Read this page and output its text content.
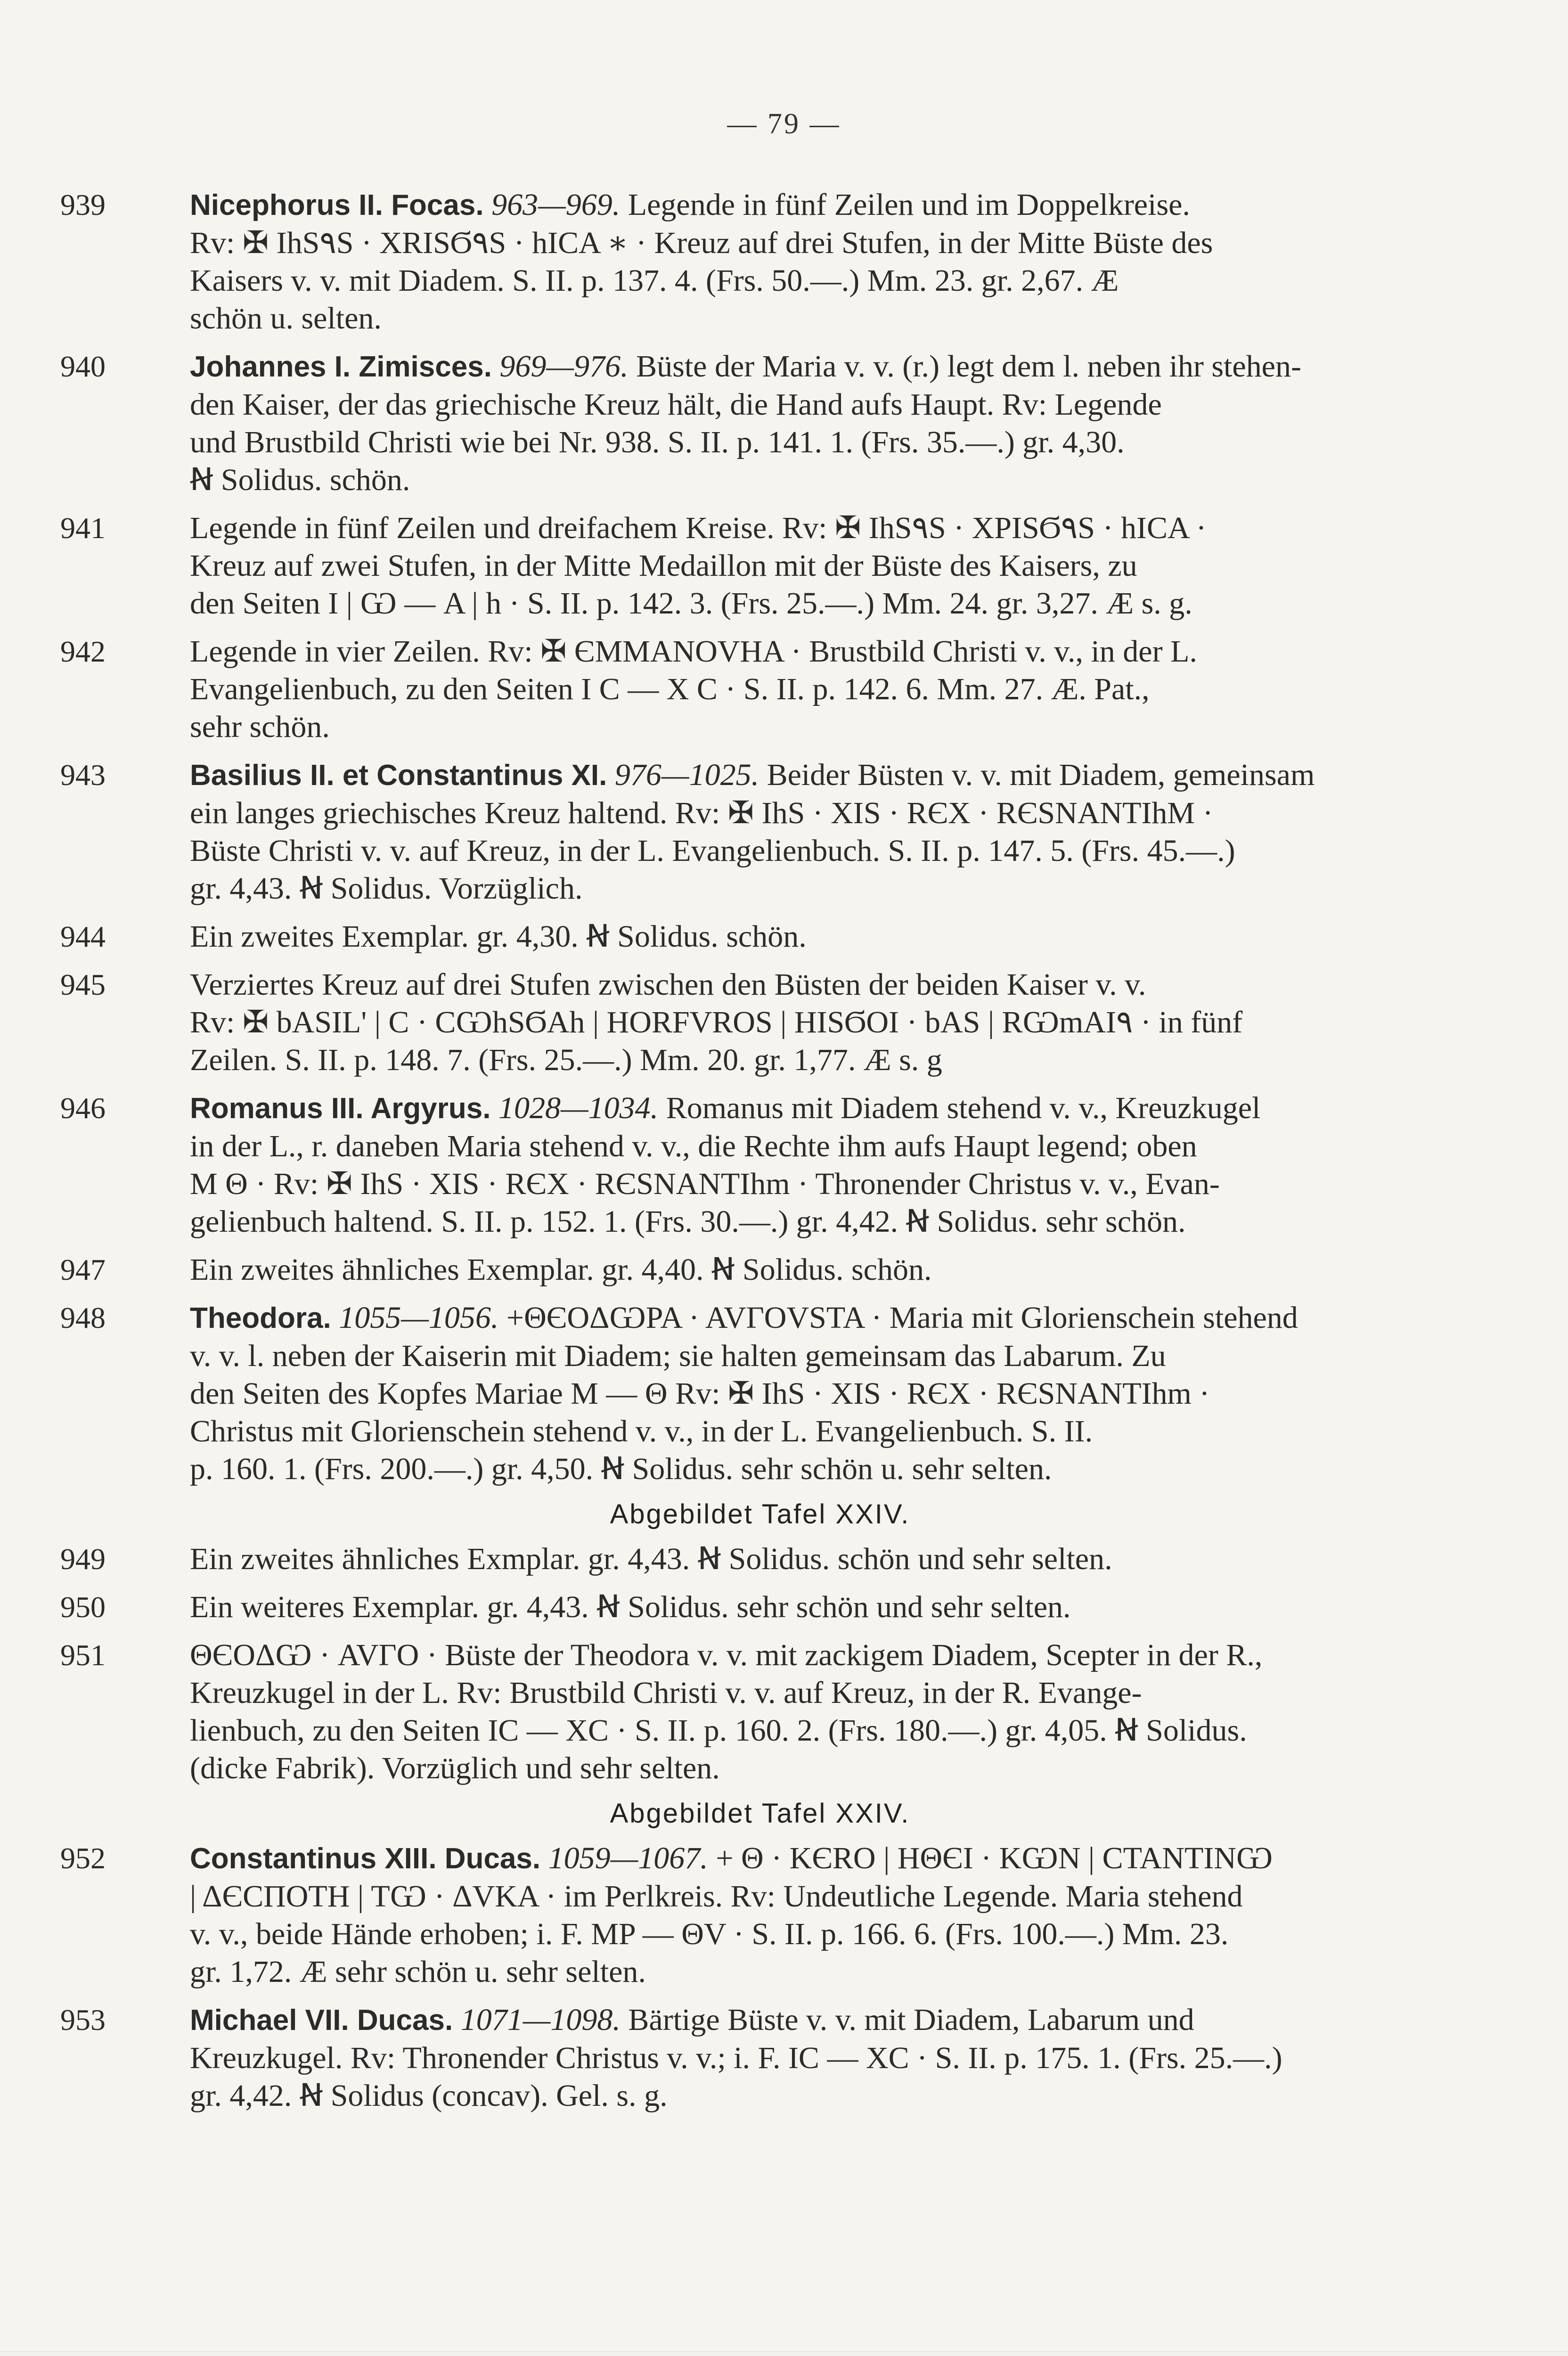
— 79 —
939	Nicephorus II. Focas. 963—969. Legende in fünf Zeilen und im Doppelkreise.
Rv: ✠ IhS٩S · XRISϬ٩S · hICA ∗ · Kreuz auf drei Stufen, in der Mitte Büste des
Kaisers v. v. mit Diadem. S. II. p. 137. 4. (Frs. 50.—.) Mm. 23. gr. 2,67. Æ
schön u. selten.
940	Johannes I. Zimisces. 969—976. Büste der Maria v. v. (r.) legt dem l. neben ihr stehen-
den Kaiser, der das griechische Kreuz hält, die Hand aufs Haupt. Rv: Legende
und Brustbild Christi wie bei Nr. 938. S. II. p. 141. 1. (Frs. 35.—.) gr. 4,30.
Ꞥ Solidus. schön.
941	Legende in fünf Zeilen und dreifachem Kreise. Rv: ✠ IhS٩S · XPISϬ٩S · hICA ·
Kreuz auf zwei Stufen, in der Mitte Medaillon mit der Büste des Kaisers, zu
den Seiten I | Ѡ — A | h · S. II. p. 142. 3. (Frs. 25.—.) Mm. 24. gr. 3,27. Æ s. g.
942	Legende in vier Zeilen. Rv: ✠ ЄMMANOVHA · Brustbild Christi v. v., in der L.
Evangelienbuch, zu den Seiten I C — X C · S. II. p. 142. 6. Mm. 27. Æ. Pat.,
sehr schön.
943	Basilius II. et Constantinus XI. 976—1025. Beider Büsten v. v. mit Diadem, gemeinsam
ein langes griechisches Kreuz haltend. Rv: ✠ IhS · XIS · RЄX · RЄSNANTIhM ·
Büste Christi v. v. auf Kreuz, in der L. Evangelienbuch. S. II. p. 147. 5. (Frs. 45.—.)
gr. 4,43. Ꞥ Solidus. Vorzüglich.
944	Ein zweites Exemplar. gr. 4,30. Ꞥ Solidus. schön.
945	Verziertes Kreuz auf drei Stufen zwischen den Büsten der beiden Kaiser v. v.
Rv: ✠ bASIL' | C · CѠhSϬAh | HORFVROS | HISϬOI · bAS | RѠmAI٩ · in fünf
Zeilen. S. II. p. 148. 7. (Frs. 25.—.) Mm. 20. gr. 1,77. Æ s. g
946	Romanus III. Argyrus. 1028—1034. Romanus mit Diadem stehend v. v., Kreuzkugel
in der L., r. daneben Maria stehend v. v., die Rechte ihm aufs Haupt legend; oben
M Θ · Rv: ✠ IhS · XIS · RЄX · RЄSNANTIhm · Thronender Christus v. v., Evan-
gelienbuch haltend. S. II. p. 152. 1. (Frs. 30.—.) gr. 4,42. Ꞥ Solidus. sehr schön.
947	Ein zweites ähnliches Exemplar. gr. 4,40. Ꞥ Solidus. schön.
948	Theodora. 1055—1056. +ΘЄOΔѠPA · AVΓOVSTA · Maria mit Glorienschein stehend
v. v. l. neben der Kaiserin mit Diadem; sie halten gemeinsam das Labarum. Zu
den Seiten des Kopfes Mariae M — Θ Rv: ✠ IhS · XIS · RЄX · RЄSNANTIhm ·
Christus mit Glorienschein stehend v. v., in der L. Evangelienbuch. S. II.
p. 160. 1. (Frs. 200.—.) gr. 4,50. Ꞥ Solidus. sehr schön u. sehr selten.
Abgebildet Tafel XXIV.
949	Ein zweites ähnliches Exmplar. gr. 4,43. Ꞥ Solidus. schön und sehr selten.
950	Ein weiteres Exemplar. gr. 4,43. Ꞥ Solidus. sehr schön und sehr selten.
951	ΘЄOΔѠ · AVΓO · Büste der Theodora v. v. mit zackigem Diadem, Scepter in der R.,
Kreuzkugel in der L. Rv: Brustbild Christi v. v. auf Kreuz, in der R. Evange-
lienbuch, zu den Seiten IC — XC · S. II. p. 160. 2. (Frs. 180.—.) gr. 4,05. Ꞥ Solidus.
(dicke Fabrik). Vorzüglich und sehr selten.
Abgebildet Tafel XXIV.
952	Constantinus XIII. Ducas. 1059—1067. + Θ · KЄRO | HΘЄI · KѠN | CTANTINѠ
| ΔЄCΠOTH | TѠ · ΔVKA · im Perlkreis. Rv: Undeutliche Legende. Maria stehend
v. v., beide Hände erhoben; i. F. MP — ΘV · S. II. p. 166. 6. (Frs. 100.—.) Mm. 23.
gr. 1,72. Æ sehr schön u. sehr selten.
953	Michael VII. Ducas. 1071—1098. Bärtige Büste v. v. mit Diadem, Labarum und
Kreuzkugel. Rv: Thronender Christus v. v.; i. F. IC — XC · S. II. p. 175. 1. (Frs. 25.—.)
gr. 4,42. Ꞥ Solidus (concav). Gel. s. g.
